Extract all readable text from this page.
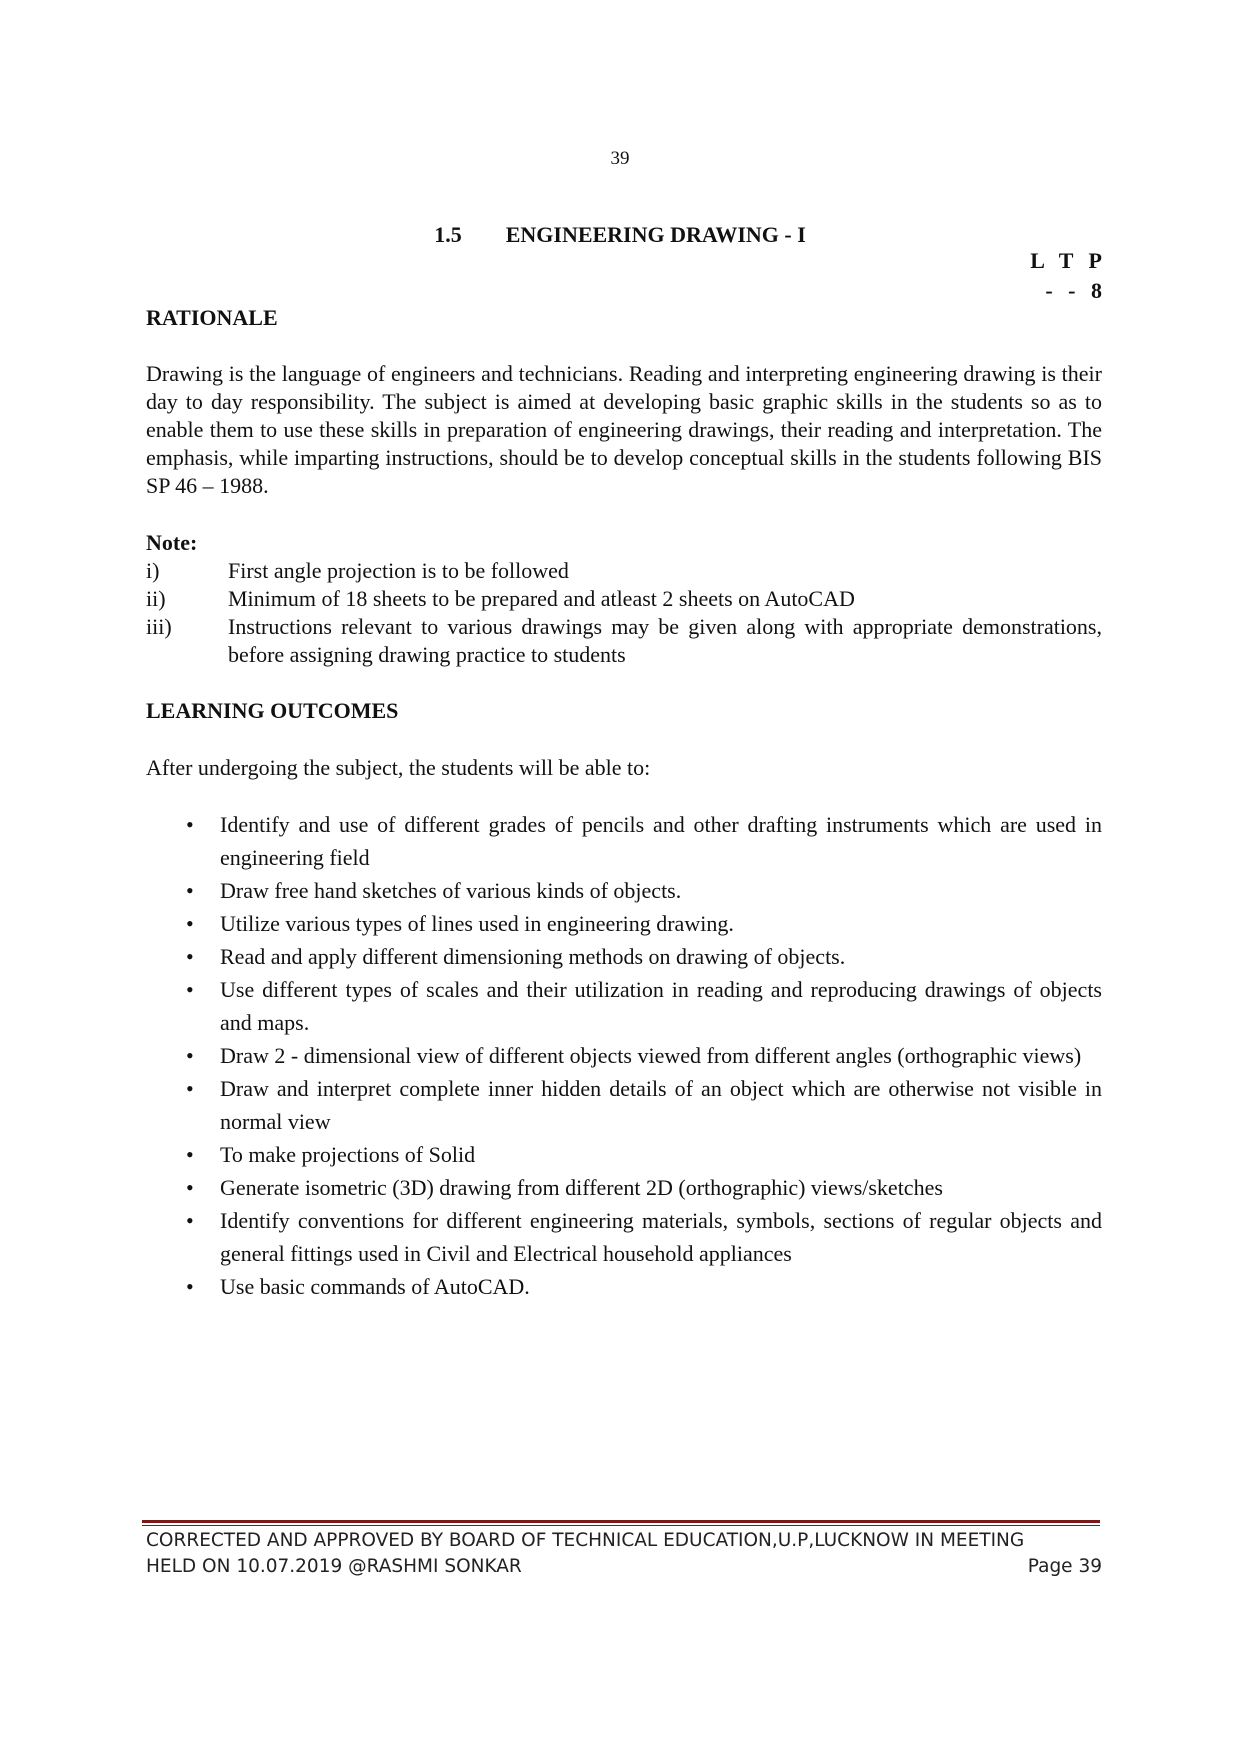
39
1.5 ENGINEERING DRAWING - I
L T P
- - 8
RATIONALE

Drawing is the language of engineers and technicians. Reading and interpreting engineering drawing is their day to day responsibility. The subject is aimed at developing basic graphic skills in the students so as to enable them to use these skills in preparation of engineering drawings, their reading and interpretation. The emphasis, while imparting instructions, should be to develop conceptual skills in the students following BIS SP 46 – 1988.

Note:
i)	First angle projection is to be followed
ii)	Minimum of 18 sheets to be prepared and atleast 2 sheets on AutoCAD
iii)	Instructions relevant to various drawings may be given along with appropriate demonstrations, before assigning drawing practice to students
LEARNING OUTCOMES
After undergoing the subject, the students will be able to:
•	Identify and use of different grades of pencils and other drafting instruments which are used in engineering field
•	Draw free hand sketches of various kinds of objects.
•	Utilize various types of lines used in engineering drawing.
•	Read and apply different dimensioning methods on drawing of objects.
•	Use different types of scales and their utilization in reading and reproducing drawings of objects and maps.
•	Draw 2 - dimensional view of different objects viewed from different angles (orthographic views)
•	Draw and interpret complete inner hidden details of an object which are otherwise not visible in normal view
•	To make projections of Solid
•	Generate isometric (3D) drawing from different 2D (orthographic) views/sketches
•	Identify conventions for different engineering materials, symbols, sections of regular objects and general fittings used in Civil and Electrical household appliances
•	Use basic commands of AutoCAD.
CORRECTED AND APPROVED BY BOARD OF TECHNICAL EDUCATION,U.P,LUCKNOW IN MEETING
HELD ON 10.07.2019 @RASHMI SONKAR	Page 39
